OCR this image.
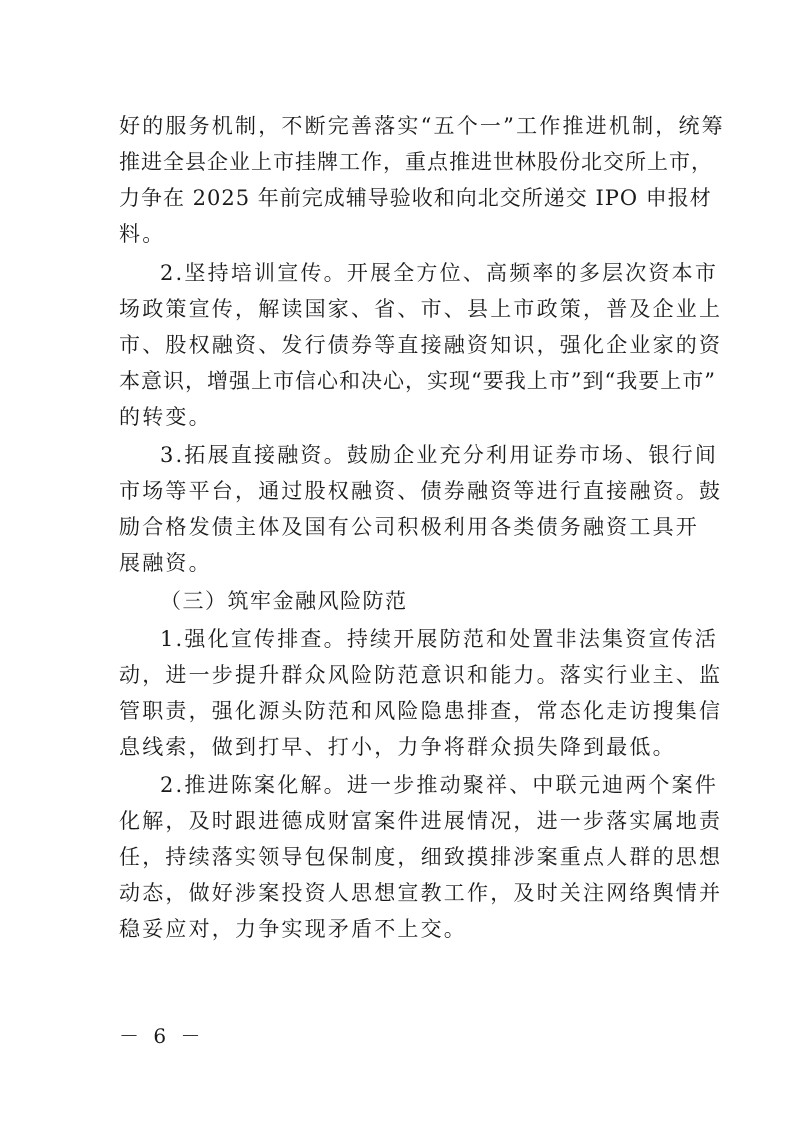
好的服务机制，不断完善落实“五个一”工作推进机制，统筹
推进全县企业上市挂牌工作，重点推进世林股份北交所上市，
力争在 2025 年前完成辅导验收和向北交所递交 IPO 申报材
料。
2.坚持培训宣传。开展全方位、高频率的多层次资本市
场政策宣传，解读国家、省、市、县上市政策，普及企业上
市、股权融资、发行债券等直接融资知识，强化企业家的资
本意识，增强上市信心和决心，实现“要我上市”到“我要上市”
的转变。
3.拓展直接融资。鼓励企业充分利用证券市场、银行间
市场等平台，通过股权融资、债券融资等进行直接融资。鼓
励合格发债主体及国有公司积极利用各类债务融资工具开
展融资。
（三）筑牢金融风险防范
1.强化宣传排查。持续开展防范和处置非法集资宣传活
动，进一步提升群众风险防范意识和能力。落实行业主、监
管职责，强化源头防范和风险隐患排查，常态化走访搜集信
息线索，做到打早、打小，力争将群众损失降到最低。
2.推进陈案化解。进一步推动聚祥、中联元迪两个案件
化解，及时跟进德成财富案件进展情况，进一步落实属地责
任，持续落实领导包保制度，细致摸排涉案重点人群的思想
动态，做好涉案投资人思想宣教工作，及时关注网络舆情并
稳妥应对，力争实现矛盾不上交。
－ 6 －
